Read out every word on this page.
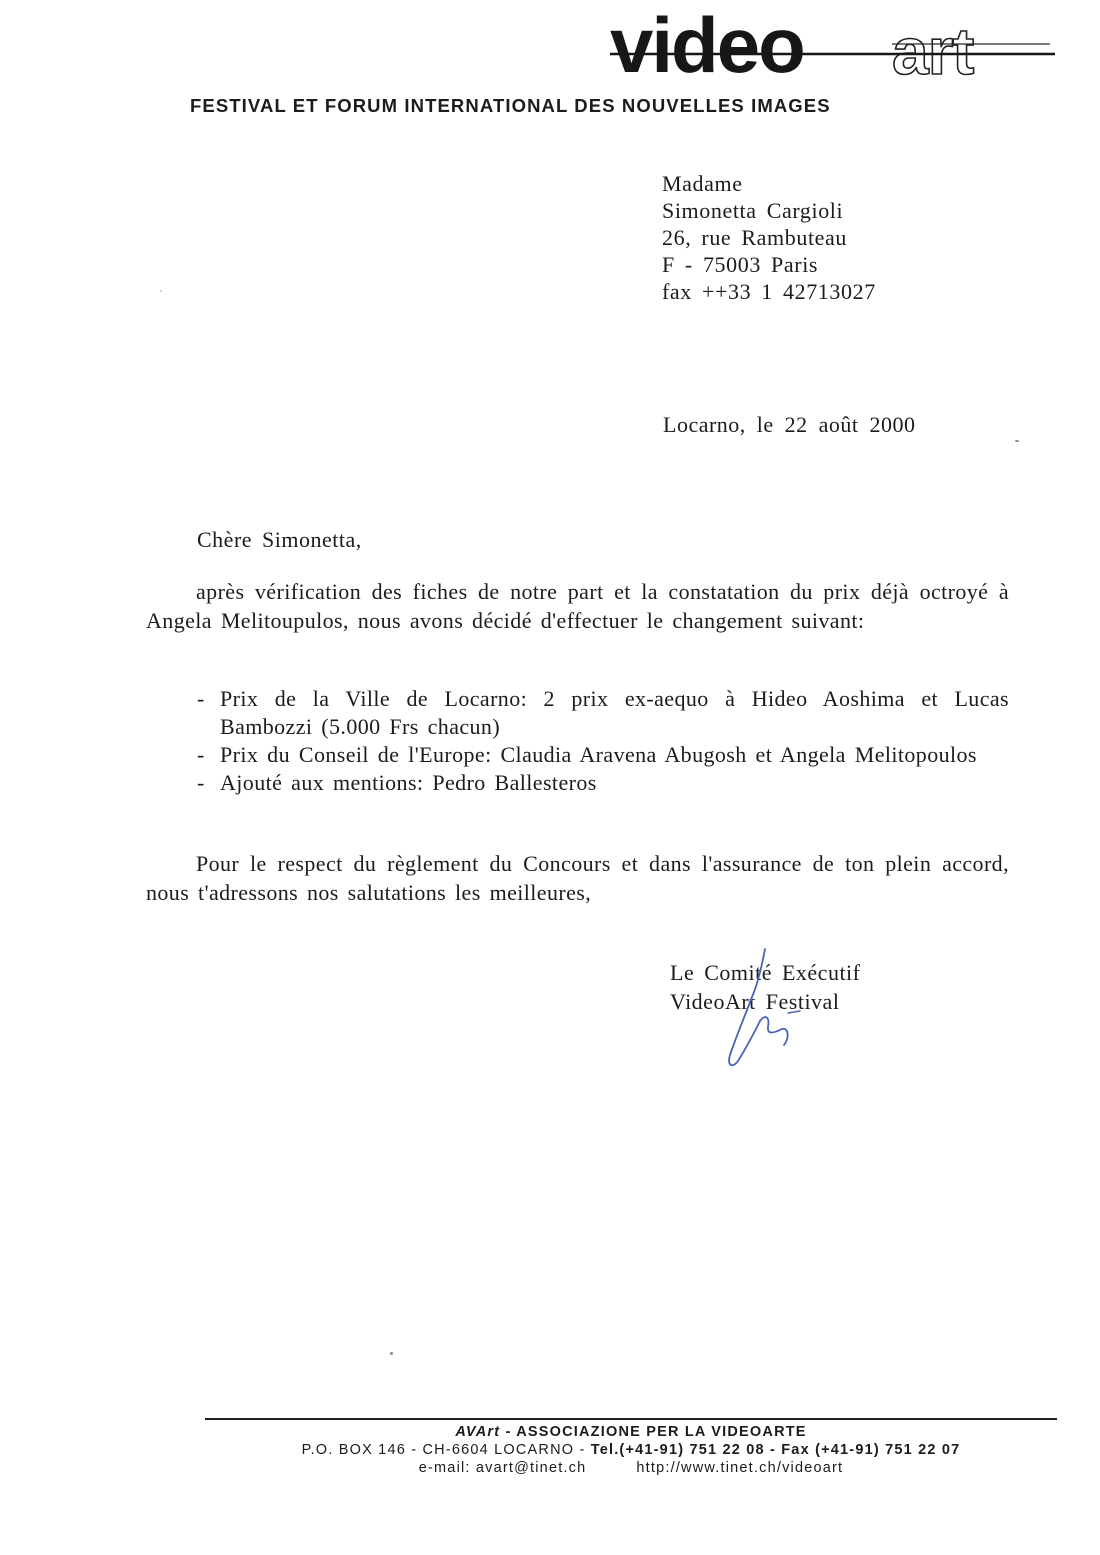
video art
FESTIVAL ET FORUM INTERNATIONAL DES NOUVELLES IMAGES
Madame
Simonetta Cargioli
26, rue Rambuteau
F - 75003 Paris
fax ++33 1 42713027
Locarno, le 22 août 2000
Chère Simonetta,
après vérification des fiches de notre part et la constatation du prix déjà octroyé à Angela Melitoupulos, nous avons décidé d'effectuer le changement suivant:
- Prix de la Ville de Locarno: 2 prix ex-aequo à Hideo Aoshima et Lucas Bambozzi (5.000 Frs chacun)
- Prix du Conseil de l'Europe: Claudia Aravena Abugosh et Angela Melitopoulos
- Ajouté aux mentions: Pedro Ballesteros
Pour le respect du règlement du Concours et dans l'assurance de ton plein accord, nous t'adressons nos salutations les meilleures,
Le Comité Exécutif
VideoArt Festival
AVArt - ASSOCIAZIONE PER LA VIDEOARTE
P.O. BOX 146 - CH-6604 LOCARNO - Tel.(+41-91) 751 22 08 - Fax (+41-91) 751 22 07
e-mail: avart@tinet.ch	http://www.tinet.ch/videoart
